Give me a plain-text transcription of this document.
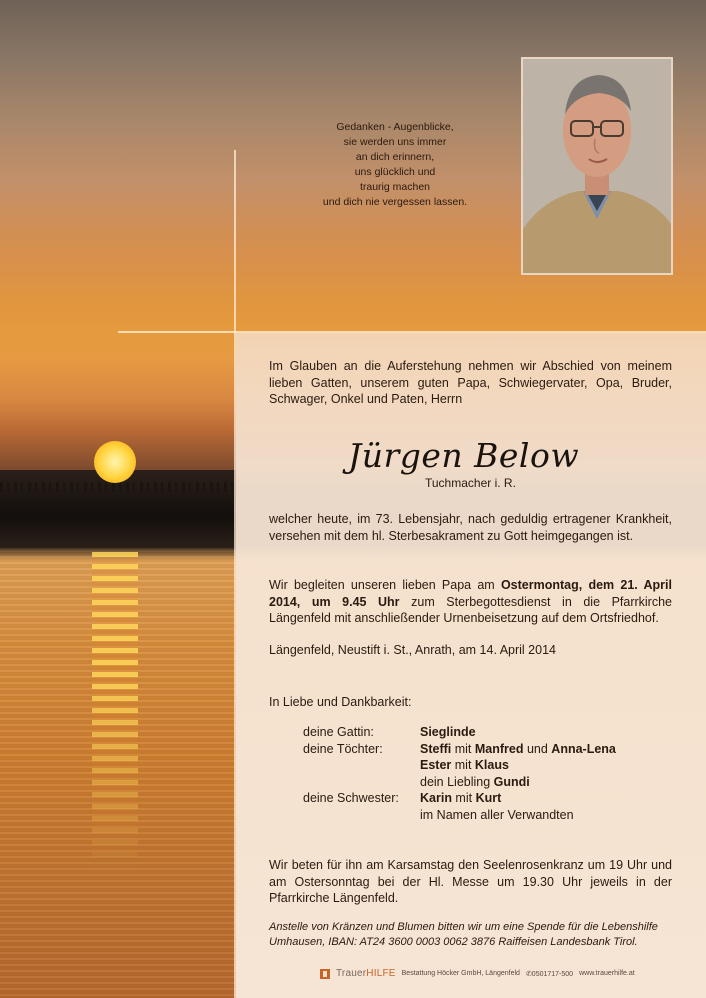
Gedanken - Augenblicke,
sie werden uns immer
an dich erinnern,
uns glücklich und
traurig machen
und dich nie vergessen lassen.
Im Glauben an die Auferstehung nehmen wir Abschied von meinem lieben Gatten, unserem guten Papa, Schwiegervater, Opa, Bruder, Schwager, Onkel und Paten, Herrn
Jürgen Below
Tuchmacher i. R.
welcher heute, im 73. Lebensjahr, nach geduldig ertragener Krankheit, versehen mit dem hl. Sterbesakrament zu Gott heimgegangen ist.
Wir begleiten unseren lieben Papa am Ostermontag, dem 21. April 2014, um 9.45 Uhr zum Sterbegottesdienst in die Pfarrkirche Längenfeld mit anschließender Urnenbeisetzung auf dem Ortsfriedhof.
Längenfeld, Neustift i. St., Anrath, am 14. April 2014
In Liebe und Dankbarkeit:
deine Gattin:	Sieglinde
deine Töchter:	Steffi mit Manfred und Anna-Lena
Ester mit Klaus
dein Liebling Gundi
deine Schwester:	Karin mit Kurt
im Namen aller Verwandten
Wir beten für ihn am Karsamstag den Seelenrosenkranz um 19 Uhr und am Ostersonntag bei der Hl. Messe um 19.30 Uhr jeweils in der Pfarrkirche Längenfeld.
Anstelle von Kränzen und Blumen bitten wir um eine Spende für die Lebenshilfe Umhausen, IBAN: AT24 3600 0003 0062 3876 Raiffeisen Landesbank Tirol.
TrauerHILFE Bestattung Höcker GmbH, Längenfeld ✆0501717-500 www.trauerhilfe.at
